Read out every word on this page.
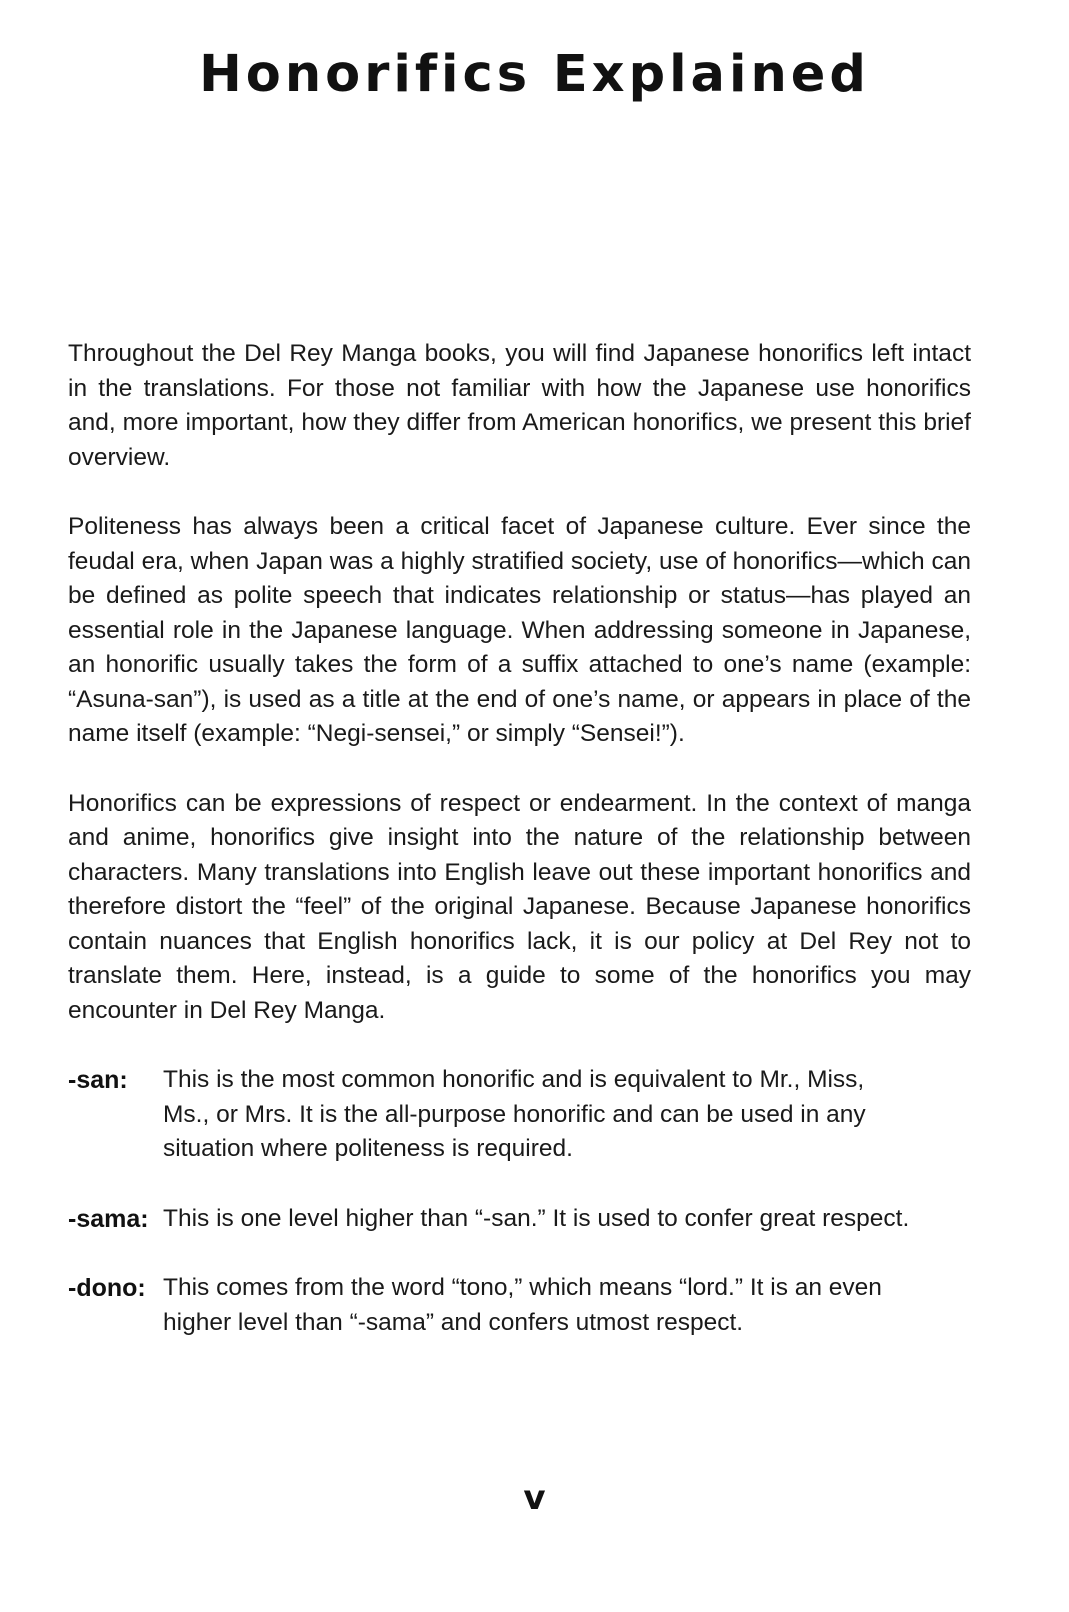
Honorifics Explained

Throughout the Del Rey Manga books, you will find Japanese honorifics left intact in the translations. For those not familiar with how the Japanese use honorifics and, more important, how they differ from American honorifics, we present this brief overview.

Politeness has always been a critical facet of Japanese culture. Ever since the feudal era, when Japan was a highly stratified society, use of honorifics—which can be defined as polite speech that indicates relationship or status—has played an essential role in the Japanese language. When addressing someone in Japanese, an honorific usually takes the form of a suffix attached to one’s name (example: “Asuna-san”), is used as a title at the end of one’s name, or appears in place of the name itself (example: “Negi-sensei,” or simply “Sensei!”).

Honorifics can be expressions of respect or endearment. In the context of manga and anime, honorifics give insight into the nature of the relationship between characters. Many translations into English leave out these important honorifics and therefore distort the “feel” of the original Japanese. Because Japanese honorifics contain nuances that English honorifics lack, it is our policy at Del Rey not to translate them. Here, instead, is a guide to some of the honorifics you may encounter in Del Rey Manga.

-san:	This is the most common honorific and is equivalent to Mr., Miss, Ms., or Mrs. It is the all-purpose honorific and can be used in any situation where politeness is required.
-sama: This is one level higher than “-san.” It is used to confer great respect.
-dono: This comes from the word “tono,” which means “lord.” It is an even higher level than “-sama” and confers utmost respect.
v
